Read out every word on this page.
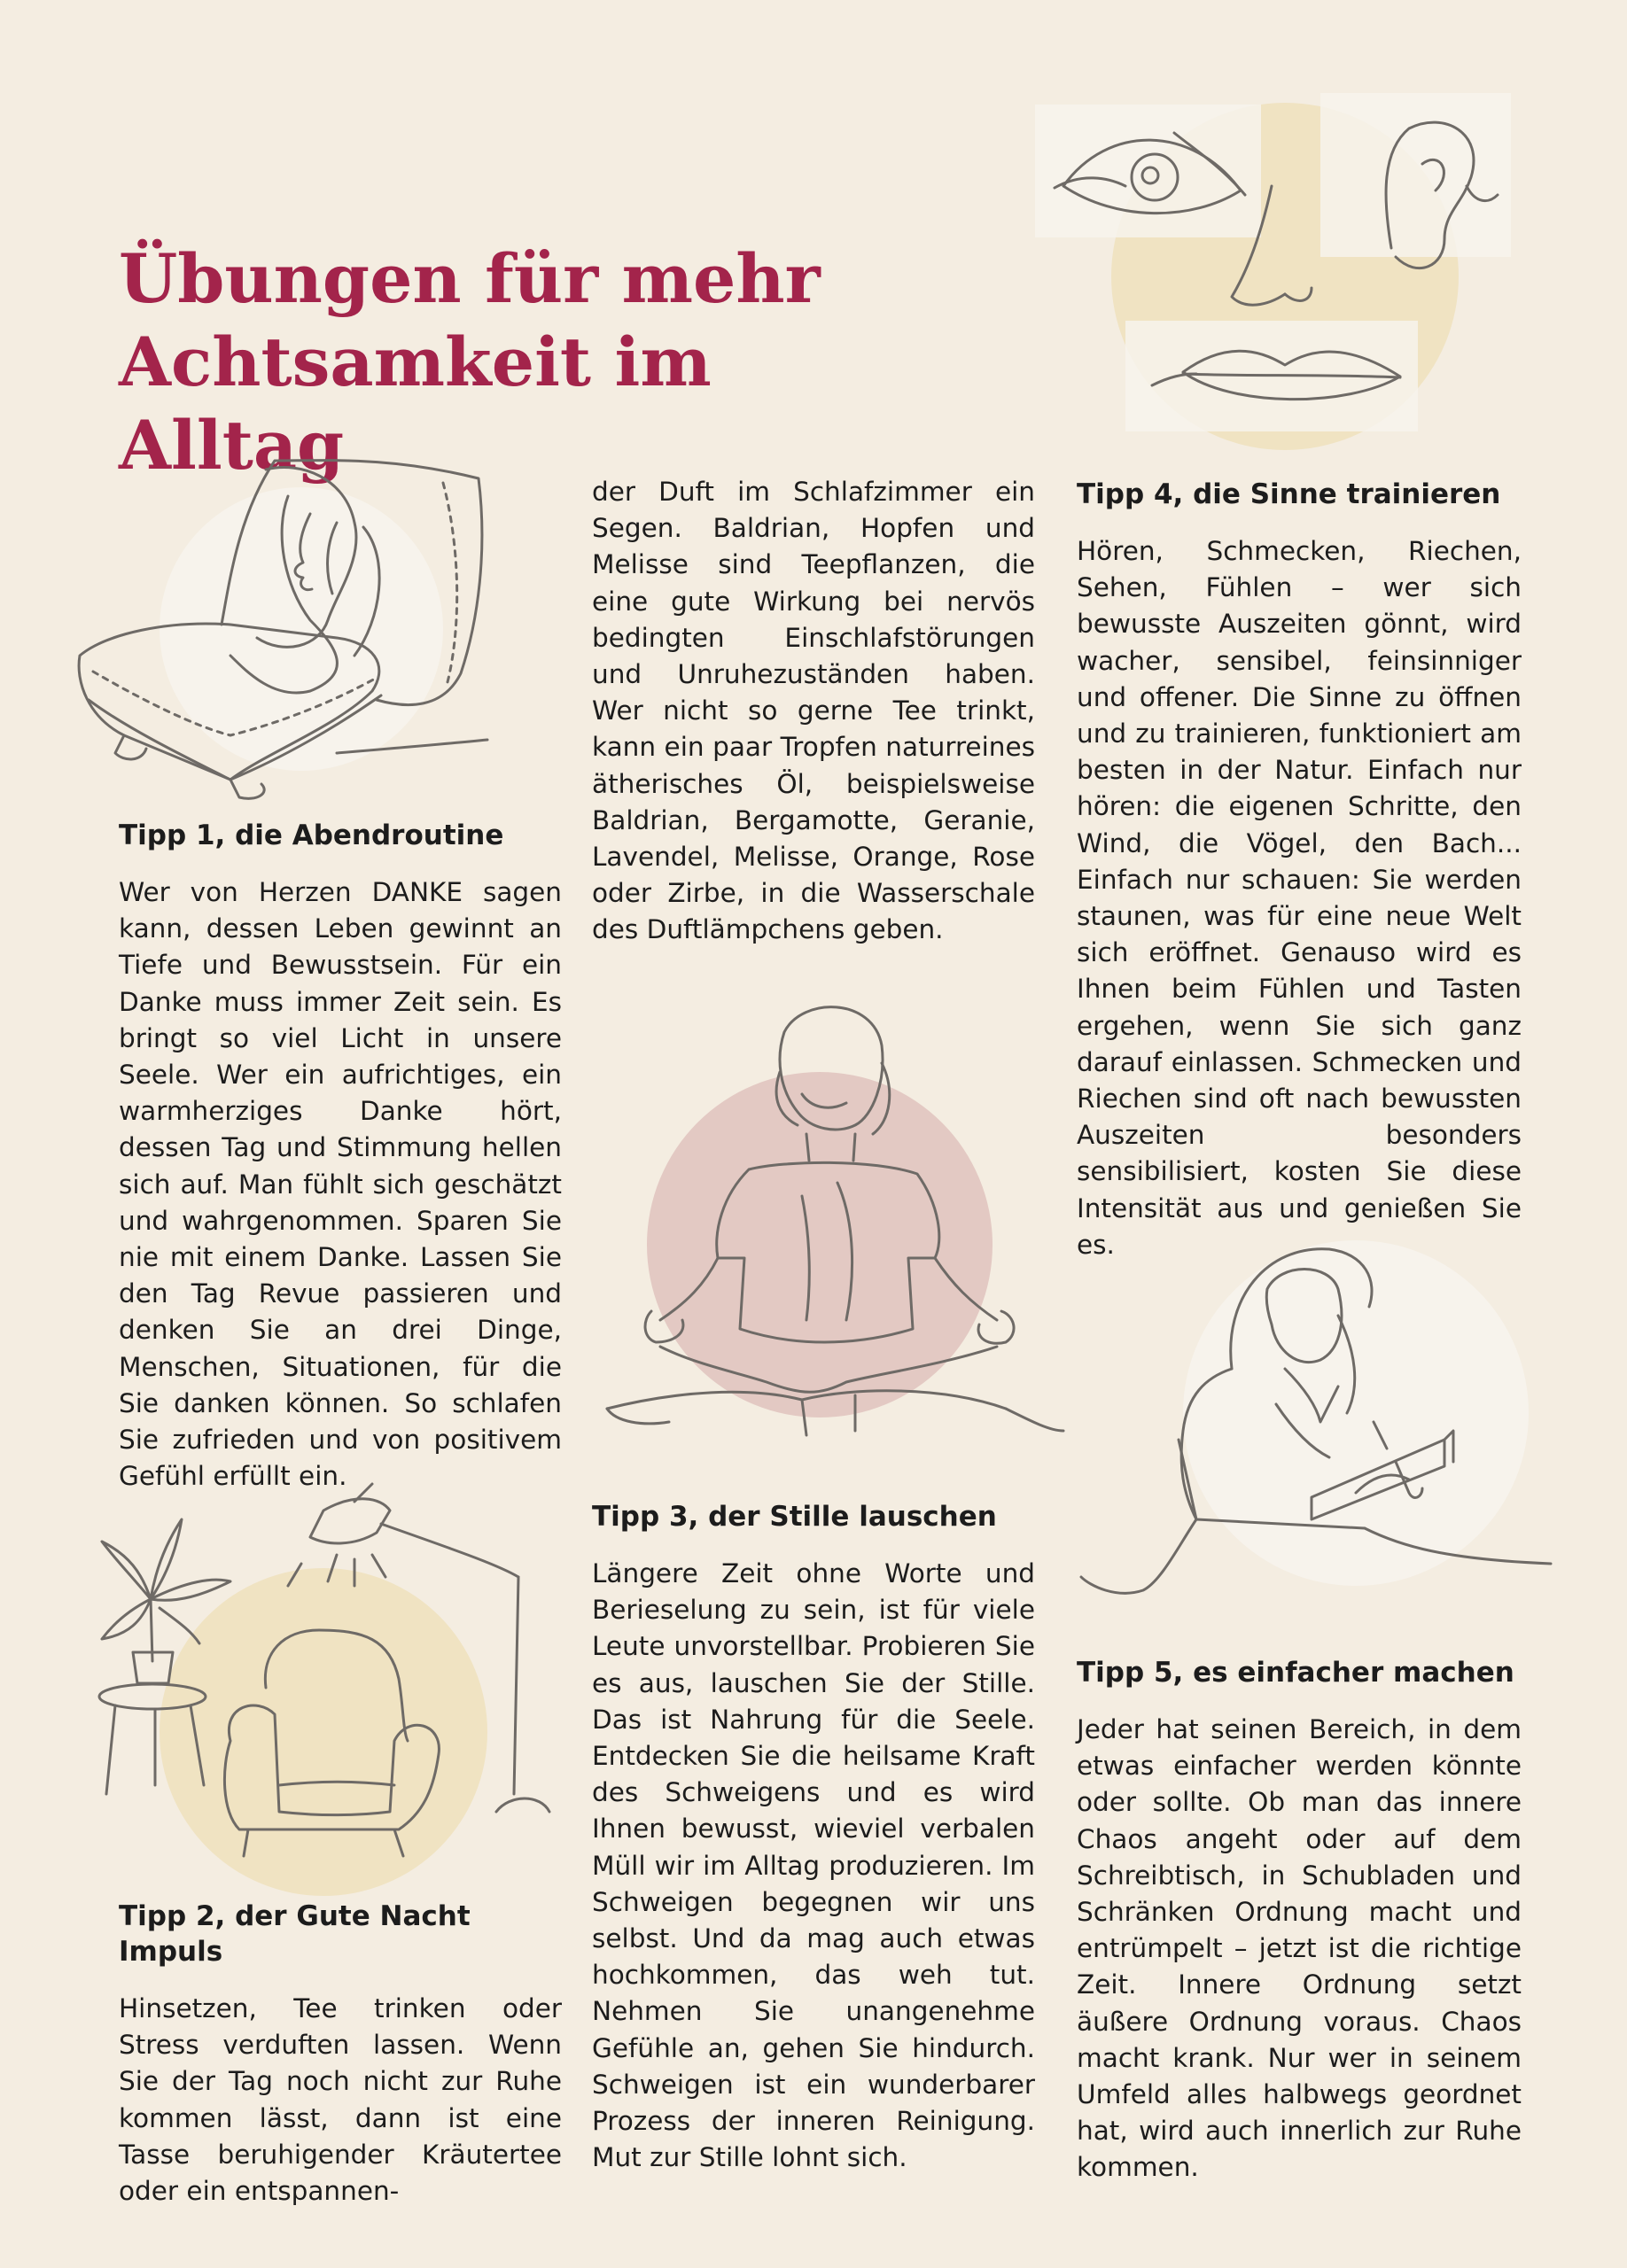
Übungen für mehr
Achtsamkeit im Alltag
Tipp 1, die Abendroutine

Wer von Herzen DANKE sagen kann, dessen Leben gewinnt an Tiefe und Bewusstsein. Für ein Danke muss immer Zeit sein. Es bringt so viel Licht in unsere Seele. Wer ein aufrichtiges, ein warmherziges Danke hört, dessen Tag und Stimmung hellen sich auf. Man fühlt sich geschätzt und wahrgenommen. Sparen Sie nie mit einem Danke. Lassen Sie den Tag Revue passieren und denken Sie an drei Dinge, Menschen, Situationen, für die Sie danken können. So schlafen Sie zufrieden und von positivem Gefühl erfüllt ein.

Tipp 2, der Gute Nacht Impuls

Hinsetzen, Tee trinken oder Stress verduften lassen. Wenn Sie der Tag noch nicht zur Ruhe kommen lässt, dann ist eine Tasse beruhigender Kräutertee oder ein entspannen-

der Duft im Schlafzimmer ein Segen. Baldrian, Hopfen und Melisse sind Teepflanzen, die eine gute Wirkung bei nervös bedingten Einschlafstörungen und Unruhezuständen haben. Wer nicht so gerne Tee trinkt, kann ein paar Tropfen naturreines ätherisches Öl, beispielsweise Baldrian, Bergamotte, Geranie, Lavendel, Melisse, Orange, Rose oder Zirbe, in die Wasserschale des Duftlämpchens geben.

Tipp 3, der Stille lauschen

Längere Zeit ohne Worte und Berieselung zu sein, ist für viele Leute unvorstellbar. Probieren Sie es aus, lauschen Sie der Stille. Das ist Nahrung für die Seele. Entdecken Sie die heilsame Kraft des Schweigens und es wird Ihnen bewusst, wieviel verbalen Müll wir im Alltag produzieren. Im Schweigen begegnen wir uns selbst. Und da mag auch etwas hochkommen, das weh tut. Nehmen Sie unangenehme Gefühle an, gehen Sie hindurch. Schweigen ist ein wunderbarer Prozess der inneren Reinigung. Mut zur Stille lohnt sich.

Tipp 4, die Sinne trainieren

Hören, Schmecken, Riechen, Sehen, Fühlen – wer sich bewusste Auszeiten gönnt, wird wacher, sensibel, feinsinniger und offener. Die Sinne zu öffnen und zu trainieren, funktioniert am besten in der Natur. Einfach nur hören: die eigenen Schritte, den Wind, die Vögel, den Bach... Einfach nur schauen: Sie werden staunen, was für eine neue Welt sich eröffnet. Genauso wird es Ihnen beim Fühlen und Tasten ergehen, wenn Sie sich ganz darauf einlassen. Schmecken und Riechen sind oft nach bewussten Auszeiten besonders sensibilisiert, kosten Sie diese Intensität aus und genießen Sie es.

Tipp 5, es einfacher machen

Jeder hat seinen Bereich, in dem etwas einfacher werden könnte oder sollte. Ob man das innere Chaos angeht oder auf dem Schreibtisch, in Schubladen und Schränken Ordnung macht und entrümpelt – jetzt ist die richtige Zeit. Innere Ordnung setzt äußere Ordnung voraus. Chaos macht krank. Nur wer in seinem Umfeld alles halbwegs geordnet hat, wird auch innerlich zur Ruhe kommen.
